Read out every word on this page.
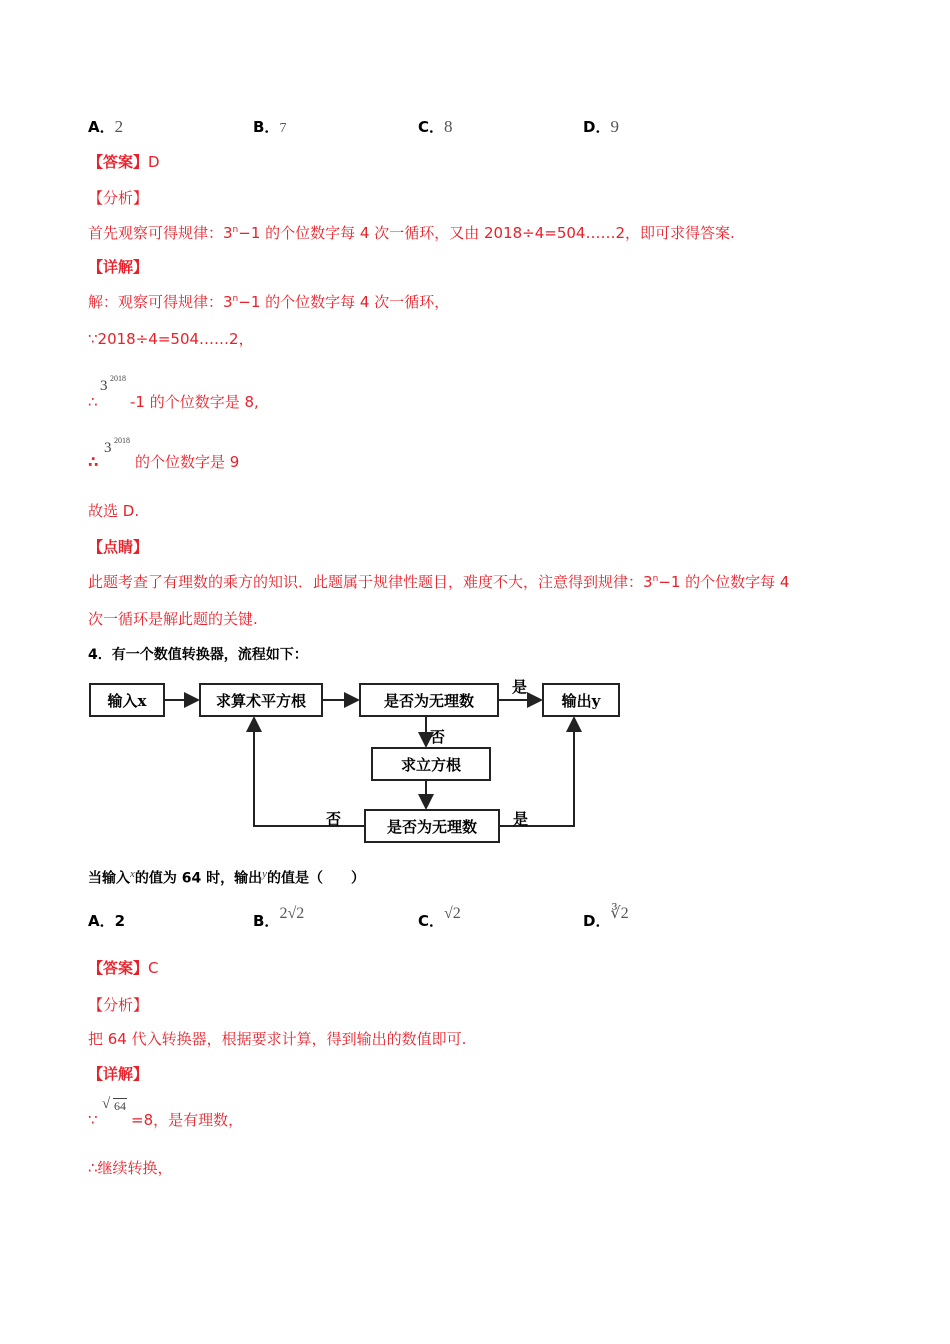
A．2	B．7	C．8	D．9
【答案】D
【分析】
首先观察可得规律：$3^n-1$ 的个位数字每 4 次一循环，又由 2018÷4=504……2，即可求得答案.
【详解】
解：观察可得规律：$3^n-1$ 的个位数字每 4 次一循环，
∵2018÷4=504……2，
∴
3 2018
-1 的个位数字是 8,
∴
3 2018
的个位数字是 9
故选 D.
【点睛】
此题考查了有理数的乘方的知识．此题属于规律性题目，难度不大，注意得到规律：$3^n-1$ 的个位数字每 4
次一循环是解此题的关键.
4．有一个数值转换器，流程如下：
输入x	求算术平方根	是否为无理数	输出y
求立方根
是否为无理数
是
否
否	是
当输入$^x$的值为 64 时，输出$^y$的值是（　　）
A．2	B．2√2	C．√2	D．∛2
【答案】C
【分析】
把 64 代入转换器，根据要求计算，得到输出的数值即可.
【详解】
∵
√ 64
=8，是有理数，
∴继续转换，
